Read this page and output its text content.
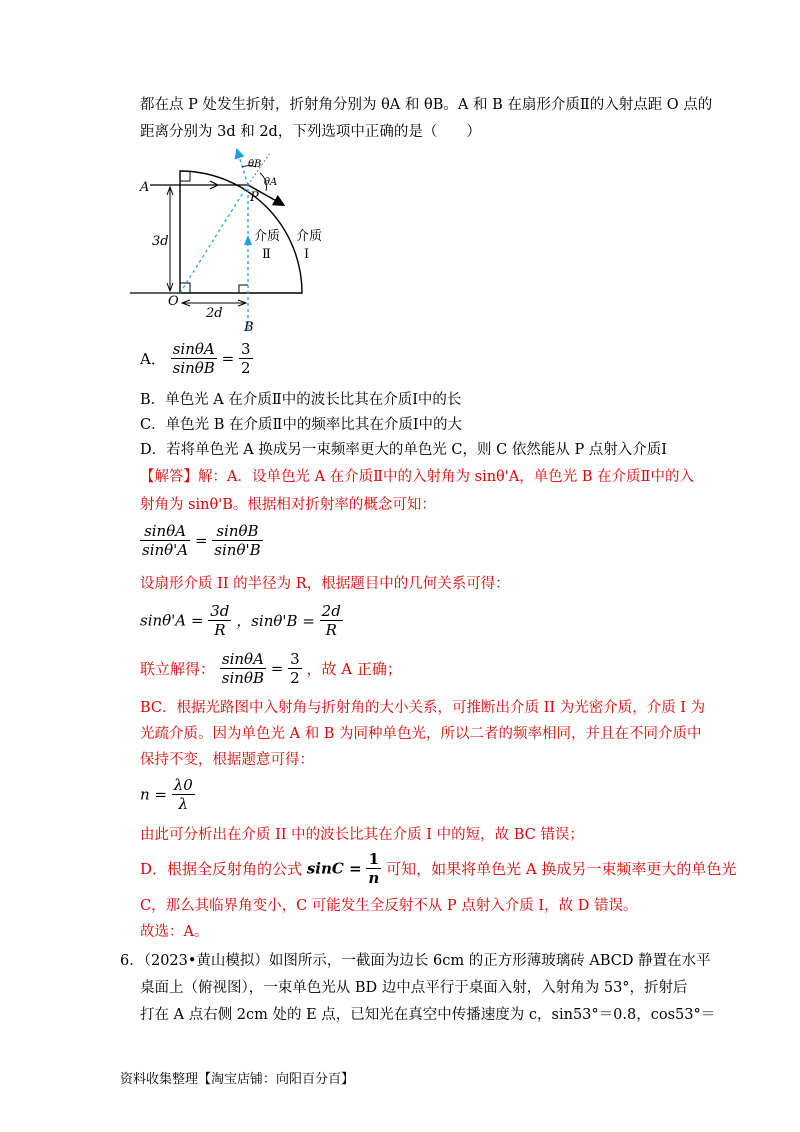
都在点 P 处发生折射，折射角分别为 θA 和 θB。A 和 B 在扇形介质Ⅱ的入射点距 O 点的
距离分别为 3d 和 2d，下列选项中正确的是（　　）
A
3d
O
2d
B
P
θB
θA
介质
Ⅱ
介质
Ⅰ
A． $\frac{\sin\theta A}{\sin\theta B} = \frac{3}{2}$
B．单色光 A 在介质Ⅱ中的波长比其在介质Ⅰ中的长
C．单色光 B 在介质Ⅱ中的频率比其在介质Ⅰ中的大
D．若将单色光 A 换成另一束频率更大的单色光 C，则 C 依然能从 P 点射入介质Ⅰ
【解答】解：A．设单色光 A 在介质Ⅱ中的入射角为 sinθ'A，单色光 B 在介质Ⅱ中的入
射角为 sinθ'B。根据相对折射率的概念可知：
$\frac{\sin\theta A}{\sin\theta'A} = \frac{\sin\theta B}{\sin\theta'B}$
设扇形介质 II 的半径为 R，根据题目中的几何关系可得：
$\sin\theta'A = \frac{3d}{R}$ ，$\sin\theta'B = \frac{2d}{R}$
联立解得： $\frac{\sin\theta A}{\sin\theta B} = \frac{3}{2}$ ，故 A 正确；
BC．根据光路图中入射角与折射角的大小关系，可推断出介质 II 为光密介质，介质 I 为
光疏介质。因为单色光 A 和 B 为同种单色光，所以二者的频率相同，并且在不同介质中
保持不变，根据题意可得：
$n = \frac{\lambda 0}{\lambda}$
由此可分析出在介质 II 中的波长比其在介质 I 中的短，故 BC 错误；
D．根据全反射角的公式 $\sin C = \frac{1}{n}$ 可知，如果将单色光 A 换成另一束频率更大的单色光
C，那么其临界角变小，C 可能发生全反射不从 P 点射入介质 I，故 D 错误。
故选：A。
6．（2023•黄山模拟）如图所示，一截面为边长 6cm 的正方形薄玻璃砖 ABCD 静置在水平
桌面上（俯视图），一束单色光从 BD 边中点平行于桌面入射，入射角为 53°，折射后
打在 A 点右侧 2cm 处的 E 点，已知光在真空中传播速度为 c，sin53°＝0.8，cos53°＝
资料收集整理【淘宝店铺：向阳百分百】
